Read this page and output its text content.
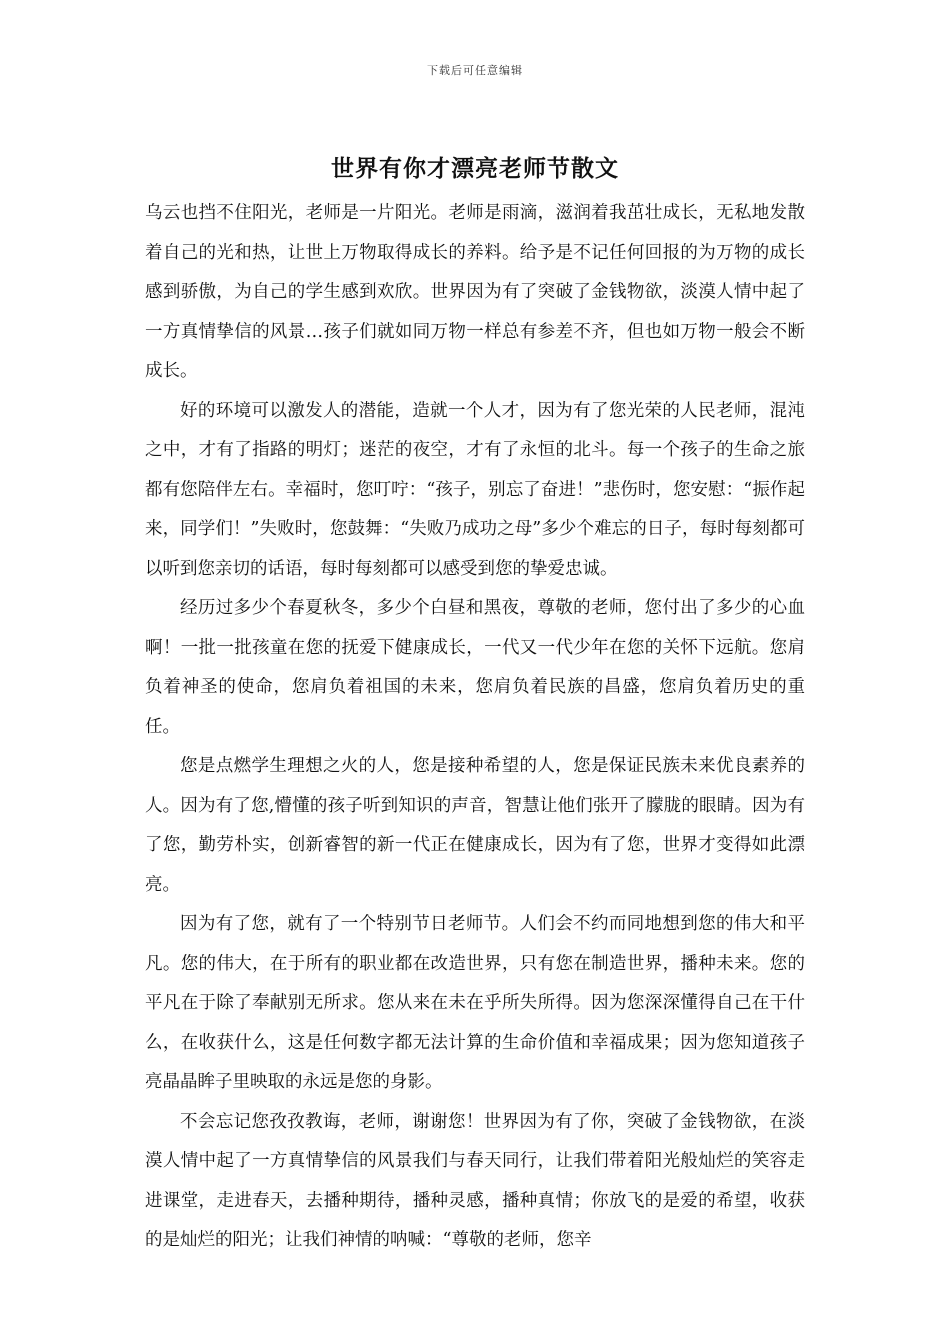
下载后可任意编辑
世界有你才漂亮老师节散文

乌云也挡不住阳光，老师是一片阳光。老师是雨滴，滋润着我茁壮成长，无私地发散着自己的光和热，让世上万物取得成长的养料。给予是不记任何回报的为万物的成长感到骄傲，为自己的学生感到欢欣。世界因为有了突破了金钱物欲，淡漠人情中起了一方真情挚信的风景…孩子们就如同万物一样总有参差不齐，但也如万物一般会不断成长。

好的环境可以激发人的潜能，造就一个人才，因为有了您光荣的人民老师，混沌之中，才有了指路的明灯；迷茫的夜空，才有了永恒的北斗。每一个孩子的生命之旅都有您陪伴左右。幸福时，您叮咛：“孩子，别忘了奋进！”悲伤时，您安慰：“振作起来，同学们！”失败时，您鼓舞：“失败乃成功之母”多少个难忘的日子，每时每刻都可以听到您亲切的话语，每时每刻都可以感受到您的挚爱忠诚。

经历过多少个春夏秋冬，多少个白昼和黑夜，尊敬的老师，您付出了多少的心血啊！一批一批孩童在您的抚爱下健康成长，一代又一代少年在您的关怀下远航。您肩负着神圣的使命，您肩负着祖国的未来，您肩负着民族的昌盛，您肩负着历史的重任。

您是点燃学生理想之火的人，您是接种希望的人，您是保证民族未来优良素养的人。因为有了您,懵懂的孩子听到知识的声音，智慧让他们张开了朦胧的眼睛。因为有了您，勤劳朴实，创新睿智的新一代正在健康成长，因为有了您，世界才变得如此漂亮。

因为有了您，就有了一个特别节日老师节。人们会不约而同地想到您的伟大和平凡。您的伟大，在于所有的职业都在改造世界，只有您在制造世界，播种未来。您的平凡在于除了奉献别无所求。您从来在未在乎所失所得。因为您深深懂得自己在干什么，在收获什么，这是任何数字都无法计算的生命价值和幸福成果；因为您知道孩子亮晶晶眸子里映取的永远是您的身影。

不会忘记您孜孜教诲，老师，谢谢您！世界因为有了你，突破了金钱物欲，在淡漠人情中起了一方真情挚信的风景我们与春天同行，让我们带着阳光般灿烂的笑容走进课堂，走进春天，去播种期待，播种灵感，播种真情；你放飞的是爱的希望，收获的是灿烂的阳光；让我们神情的呐喊：“尊敬的老师，您辛
